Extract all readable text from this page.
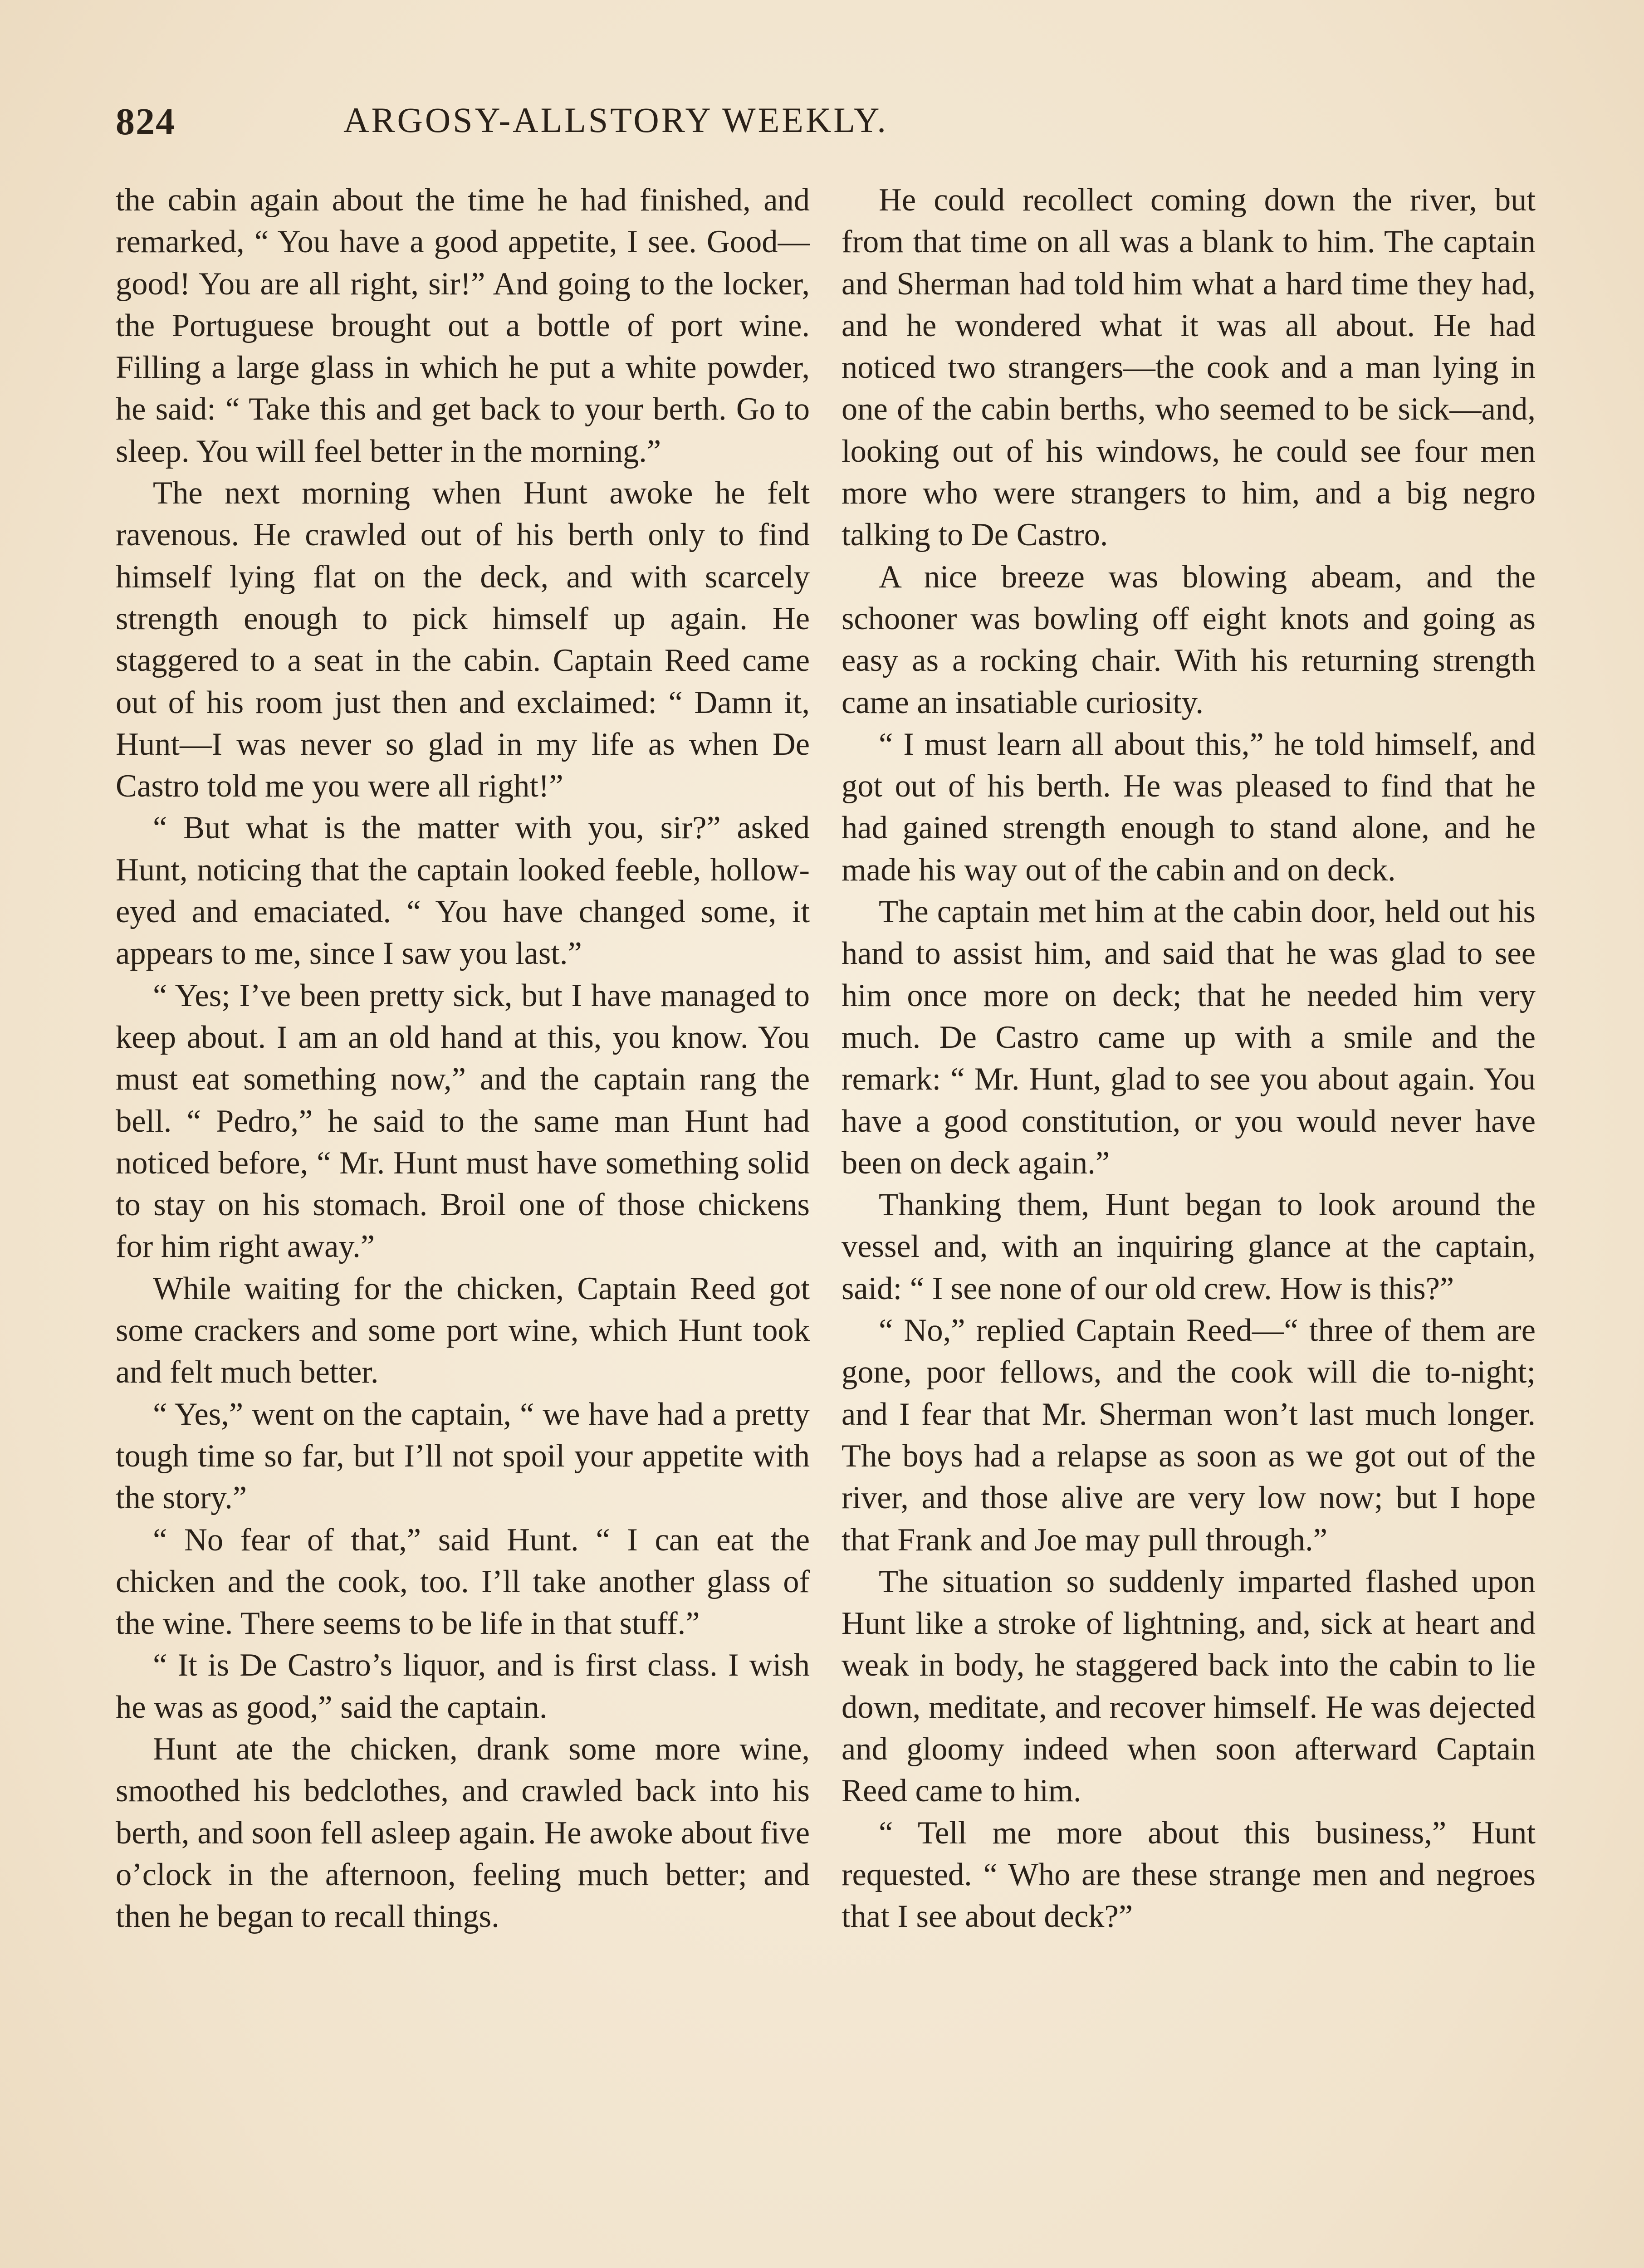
824	ARGOSY-ALLSTORY WEEKLY.

the cabin again about the time he had finished, and remarked, “ You have a good appetite, I see. Good—good! You are all right, sir!” And going to the locker, the Portuguese brought out a bottle of port wine. Filling a large glass in which he put a white powder, he said: “ Take this and get back to your berth. Go to sleep. You will feel better in the morning.”

The next morning when Hunt awoke he felt ravenous. He crawled out of his berth only to find himself lying flat on the deck, and with scarcely strength enough to pick himself up again. He staggered to a seat in the cabin. Captain Reed came out of his room just then and exclaimed: “ Damn it, Hunt—I was never so glad in my life as when De Castro told me you were all right!”

“ But what is the matter with you, sir?” asked Hunt, noticing that the captain looked feeble, hollow-eyed and emaciated. “ You have changed some, it appears to me, since I saw you last.”

“ Yes; I’ve been pretty sick, but I have managed to keep about. I am an old hand at this, you know. You must eat something now,” and the captain rang the bell. “ Pedro,” he said to the same man Hunt had noticed before, “ Mr. Hunt must have something solid to stay on his stomach. Broil one of those chickens for him right away.”

While waiting for the chicken, Captain Reed got some crackers and some port wine, which Hunt took and felt much better.

“ Yes,” went on the captain, “ we have had a pretty tough time so far, but I’ll not spoil your appetite with the story.”

“ No fear of that,” said Hunt. “ I can eat the chicken and the cook, too. I’ll take another glass of the wine. There seems to be life in that stuff.”

“ It is De Castro’s liquor, and is first class. I wish he was as good,” said the captain.

Hunt ate the chicken, drank some more wine, smoothed his bedclothes, and crawled back into his berth, and soon fell asleep again. He awoke about five o’clock in the afternoon, feeling much better; and then he began to recall things.

He could recollect coming down the river, but from that time on all was a blank to him. The captain and Sherman had told him what a hard time they had, and he wondered what it was all about. He had noticed two strangers—the cook and a man lying in one of the cabin berths, who seemed to be sick—and, looking out of his windows, he could see four men more who were strangers to him, and a big negro talking to De Castro.

A nice breeze was blowing abeam, and the schooner was bowling off eight knots and going as easy as a rocking chair. With his returning strength came an insatiable curiosity.

“ I must learn all about this,” he told himself, and got out of his berth. He was pleased to find that he had gained strength enough to stand alone, and he made his way out of the cabin and on deck.

The captain met him at the cabin door, held out his hand to assist him, and said that he was glad to see him once more on deck; that he needed him very much. De Castro came up with a smile and the remark: “ Mr. Hunt, glad to see you about again. You have a good constitution, or you would never have been on deck again.”

Thanking them, Hunt began to look around the vessel and, with an inquiring glance at the captain, said: “ I see none of our old crew. How is this?”

“ No,” replied Captain Reed—“ three of them are gone, poor fellows, and the cook will die to-night; and I fear that Mr. Sherman won’t last much longer. The boys had a relapse as soon as we got out of the river, and those alive are very low now; but I hope that Frank and Joe may pull through.”

The situation so suddenly imparted flashed upon Hunt like a stroke of lightning, and, sick at heart and weak in body, he staggered back into the cabin to lie down, meditate, and recover himself. He was dejected and gloomy indeed when soon afterward Captain Reed came to him.

“ Tell me more about this business,” Hunt requested. “ Who are these strange men and negroes that I see about deck?”
